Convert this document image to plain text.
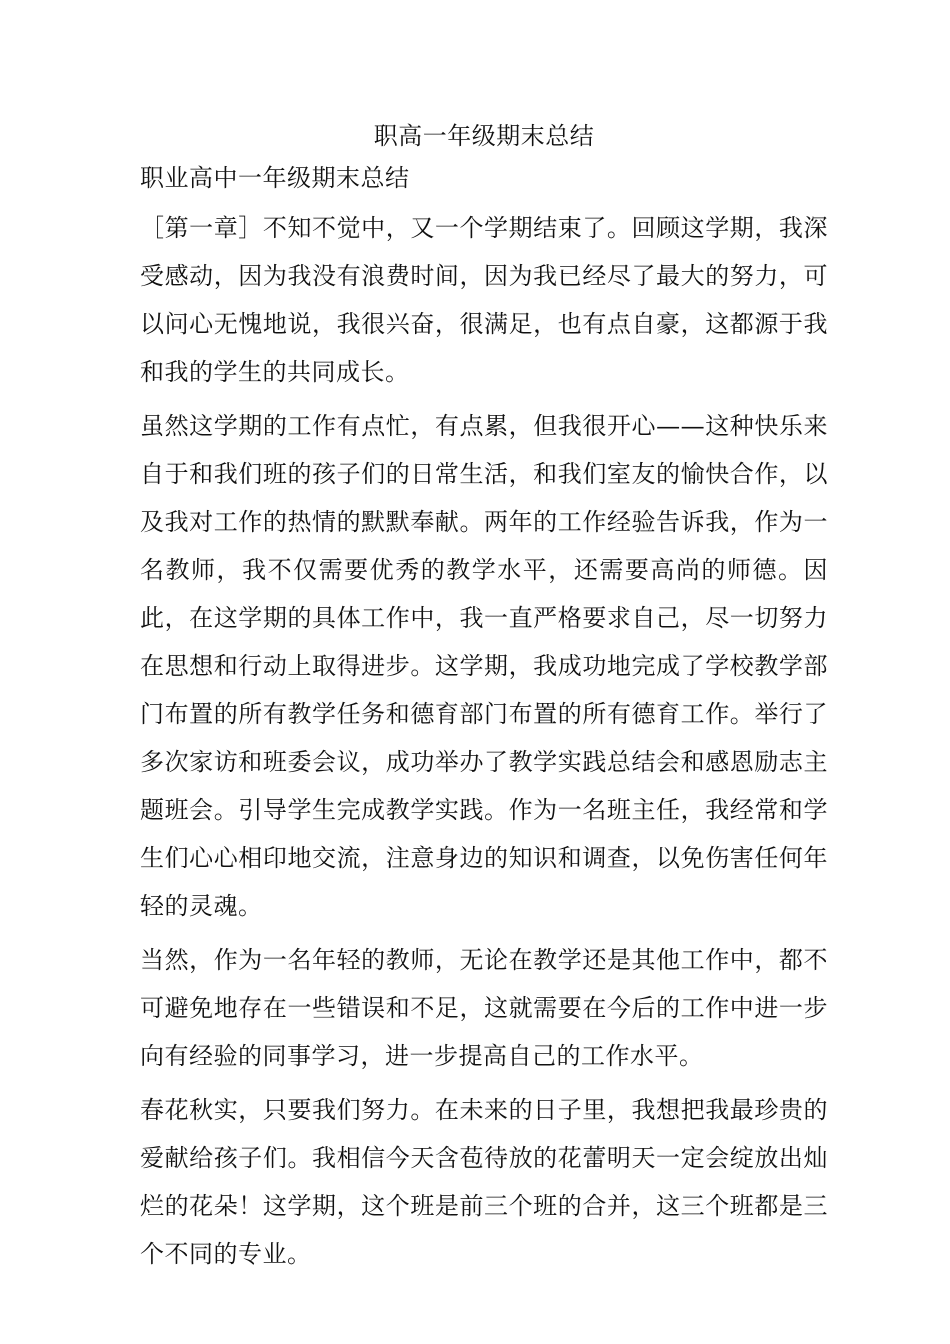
职高一年级期末总结
职业高中一年级期末总结

［第一章］不知不觉中，又一个学期结束了。回顾这学期，我深受感动，因为我没有浪费时间，因为我已经尽了最大的努力，可以问心无愧地说，我很兴奋，很满足，也有点自豪，这都源于我和我的学生的共同成长。

虽然这学期的工作有点忙，有点累，但我很开心——这种快乐来自于和我们班的孩子们的日常生活，和我们室友的愉快合作，以及我对工作的热情的默默奉献。两年的工作经验告诉我，作为一名教师，我不仅需要优秀的教学水平，还需要高尚的师德。因此，在这学期的具体工作中，我一直严格要求自己，尽一切努力在思想和行动上取得进步。这学期，我成功地完成了学校教学部门布置的所有教学任务和德育部门布置的所有德育工作。举行了多次家访和班委会议，成功举办了教学实践总结会和感恩励志主题班会。引导学生完成教学实践。作为一名班主任，我经常和学生们心心相印地交流，注意身边的知识和调查，以免伤害任何年轻的灵魂。

当然，作为一名年轻的教师，无论在教学还是其他工作中，都不可避免地存在一些错误和不足，这就需要在今后的工作中进一步向有经验的同事学习，进一步提高自己的工作水平。

春花秋实，只要我们努力。在未来的日子里，我想把我最珍贵的爱献给孩子们。我相信今天含苞待放的花蕾明天一定会绽放出灿烂的花朵！这学期，这个班是前三个班的合并，这三个班都是三个不同的专业。
